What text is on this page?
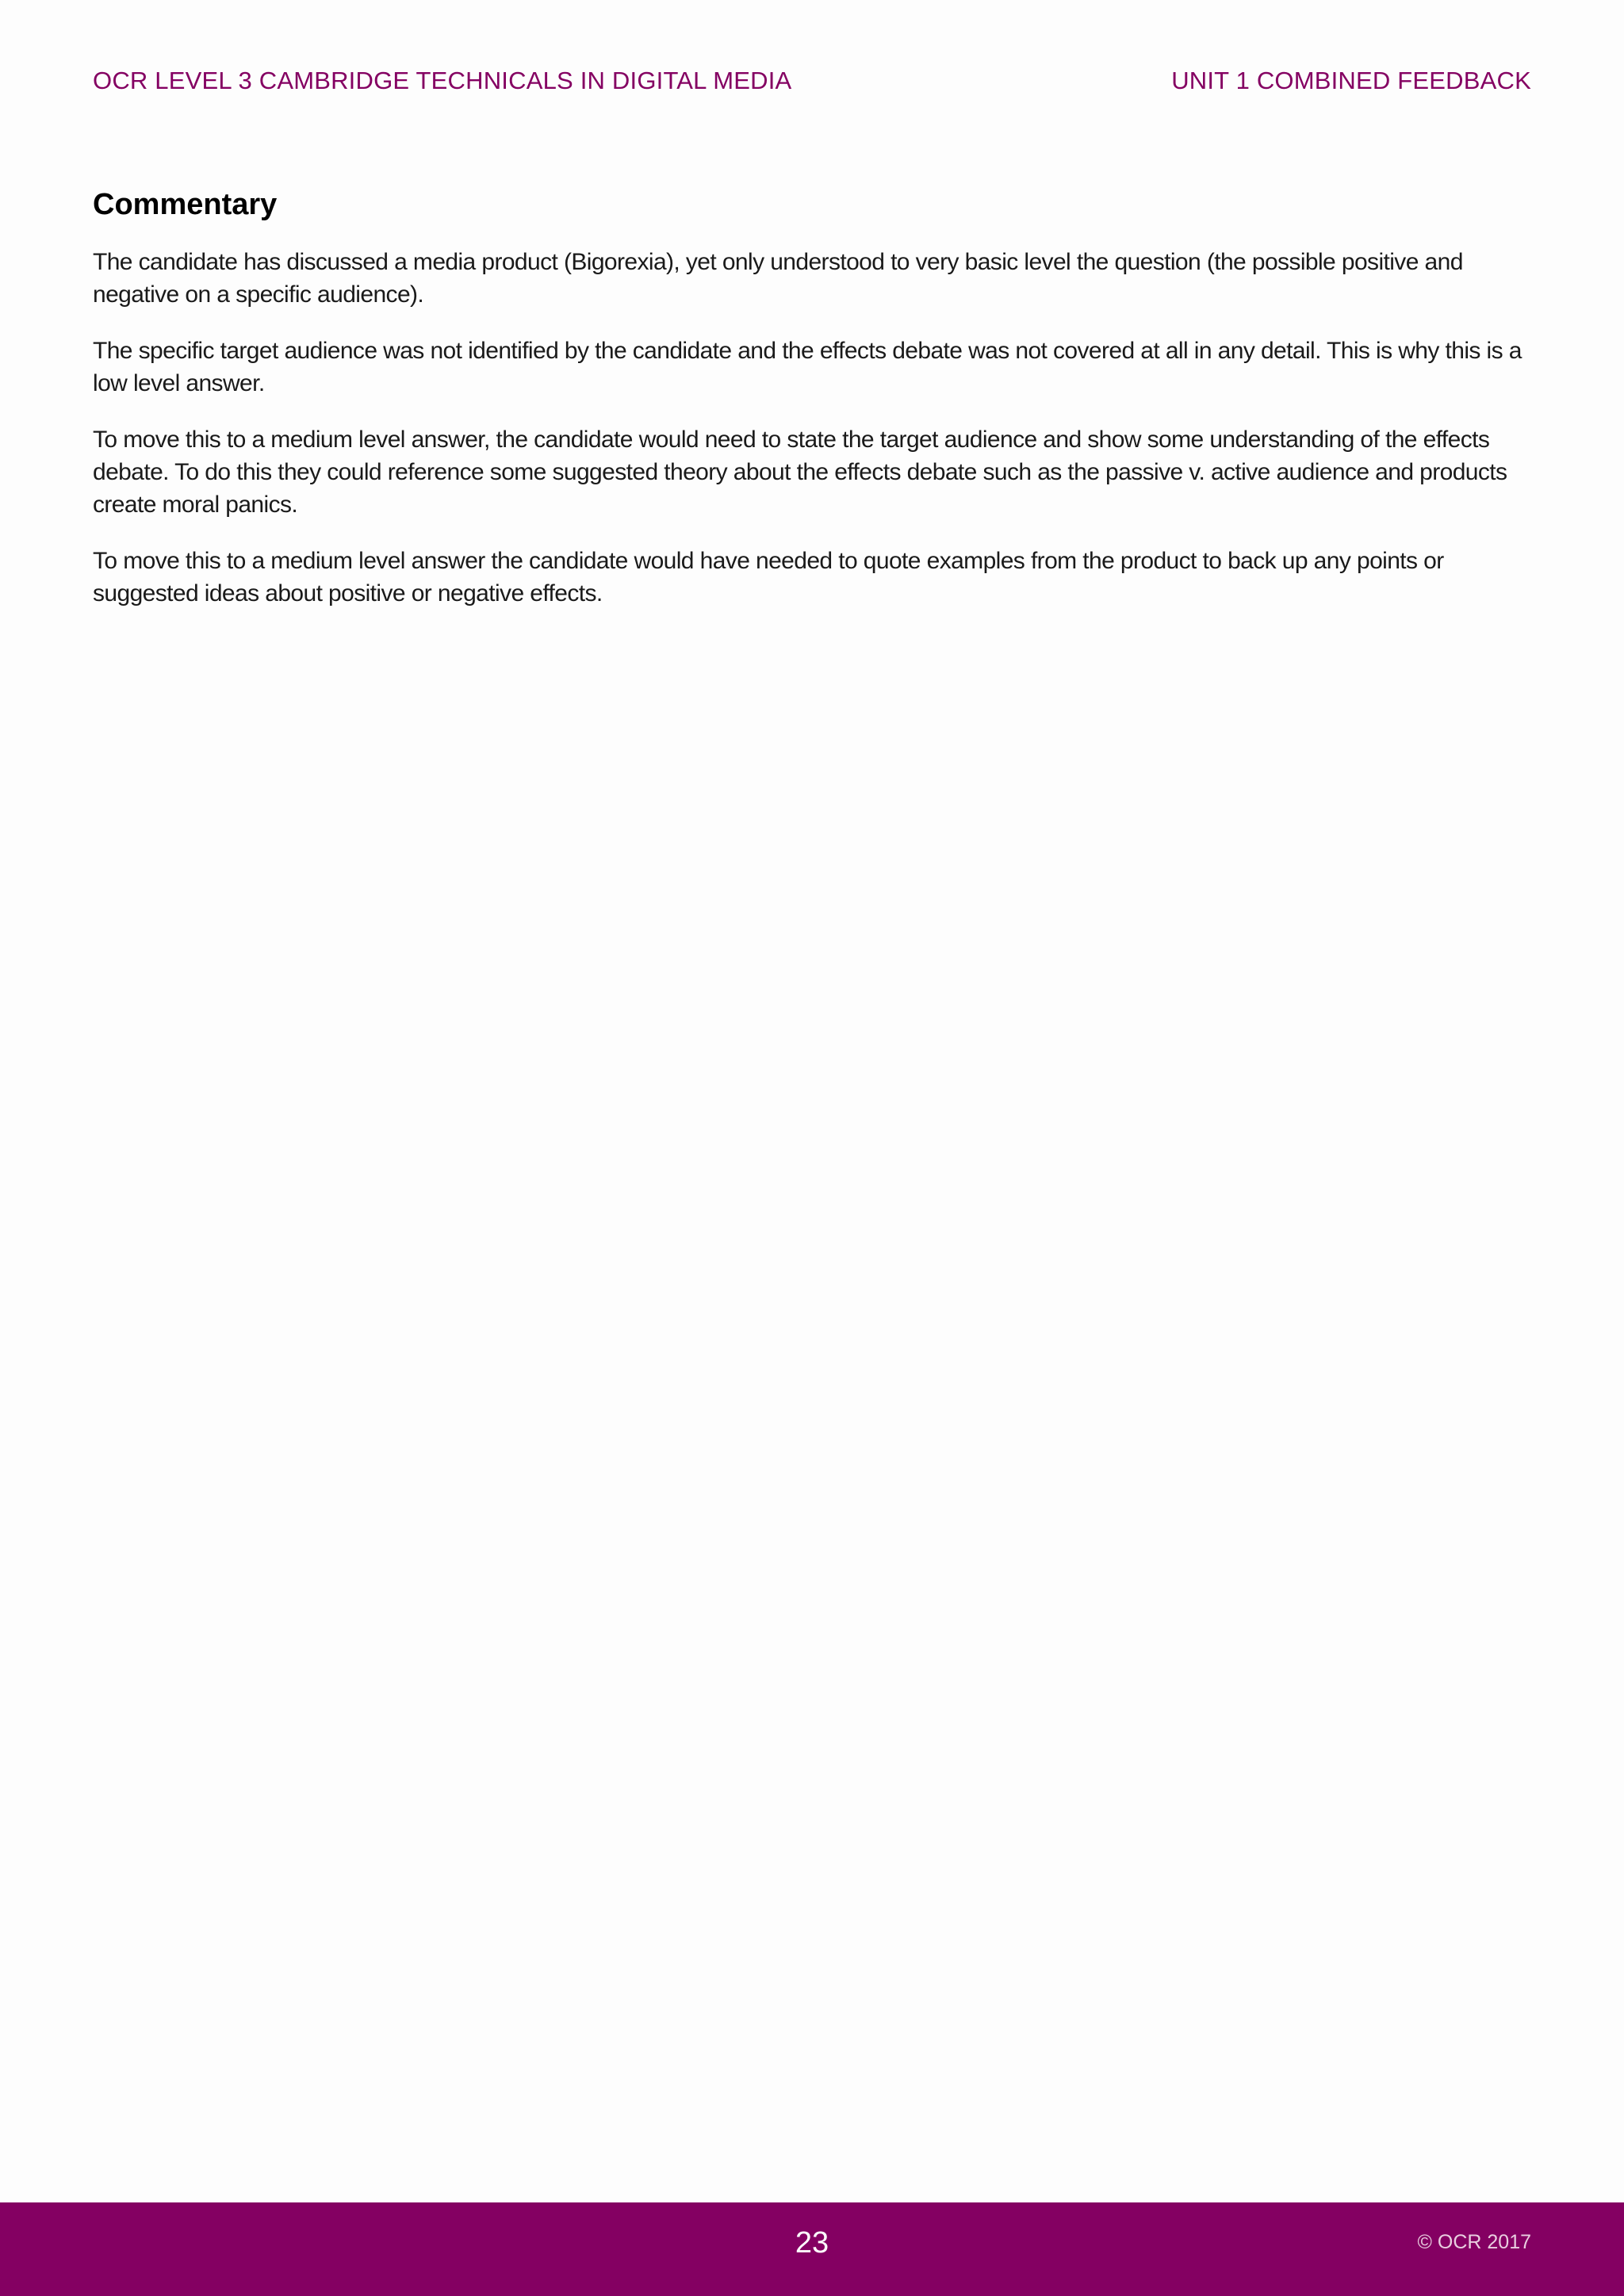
OCR LEVEL 3 CAMBRIDGE TECHNICALS IN DIGITAL MEDIA	UNIT 1 COMBINED FEEDBACK
Commentary

The candidate has discussed a media product (Bigorexia), yet only understood to very basic level the question (the possible positive and negative on a specific audience).

The specific target audience was not identified by the candidate and the effects debate was not covered at all in any detail. This is why this is a low level answer.

To move this to a medium level answer, the candidate would need to state the target audience and show some understanding of the effects debate. To do this they could reference some suggested theory about the effects debate such as the passive v. active audience and products create moral panics.

To move this to a medium level answer the candidate would have needed to quote examples from the product to back up any points or suggested ideas about positive or negative effects.

23	© OCR 2017
